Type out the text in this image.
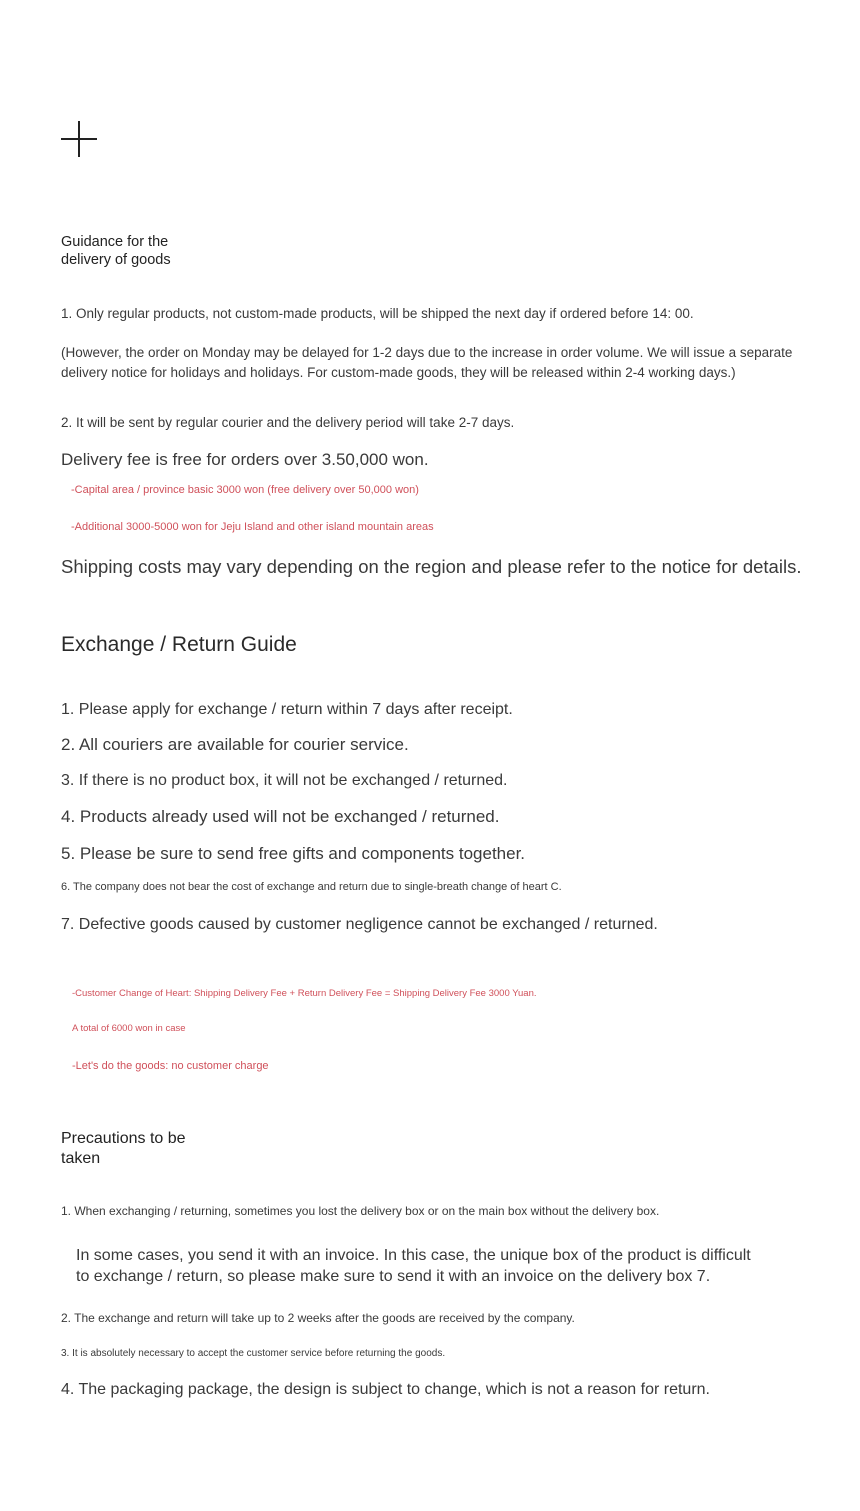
Guidance for the
delivery of goods
1. Only regular products, not custom-made products, will be shipped the next day if ordered before 14: 00.
(However, the order on Monday may be delayed for 1-2 days due to the increase in order volume. We will issue a separate delivery notice for holidays and holidays. For custom-made goods, they will be released within 2-4 working days.)
2. It will be sent by regular courier and the delivery period will take 2-7 days.
Delivery fee is free for orders over 3.50,000 won.
-Capital area / province basic 3000 won (free delivery over 50,000 won)
-Additional 3000-5000 won for Jeju Island and other island mountain areas
Shipping costs may vary depending on the region and please refer to the notice for details.
Exchange / Return Guide
1. Please apply for exchange / return within 7 days after receipt.
2. All couriers are available for courier service.
3. If there is no product box, it will not be exchanged / returned.
4. Products already used will not be exchanged / returned.
5. Please be sure to send free gifts and components together.
6. The company does not bear the cost of exchange and return due to single-breath change of heart C.
7. Defective goods caused by customer negligence cannot be exchanged / returned.
-Customer Change of Heart: Shipping Delivery Fee + Return Delivery Fee = Shipping Delivery Fee 3000 Yuan.
A total of 6000 won in case
-Let's do the goods: no customer charge
Precautions to be
taken
1. When exchanging / returning, sometimes you lost the delivery box or on the main box without the delivery box.
In some cases, you send it with an invoice. In this case, the unique box of the product is difficult to exchange / return, so please make sure to send it with an invoice on the delivery box 7.
2. The exchange and return will take up to 2 weeks after the goods are received by the company.
3. It is absolutely necessary to accept the customer service before returning the goods.
4. The packaging package, the design is subject to change, which is not a reason for return.
